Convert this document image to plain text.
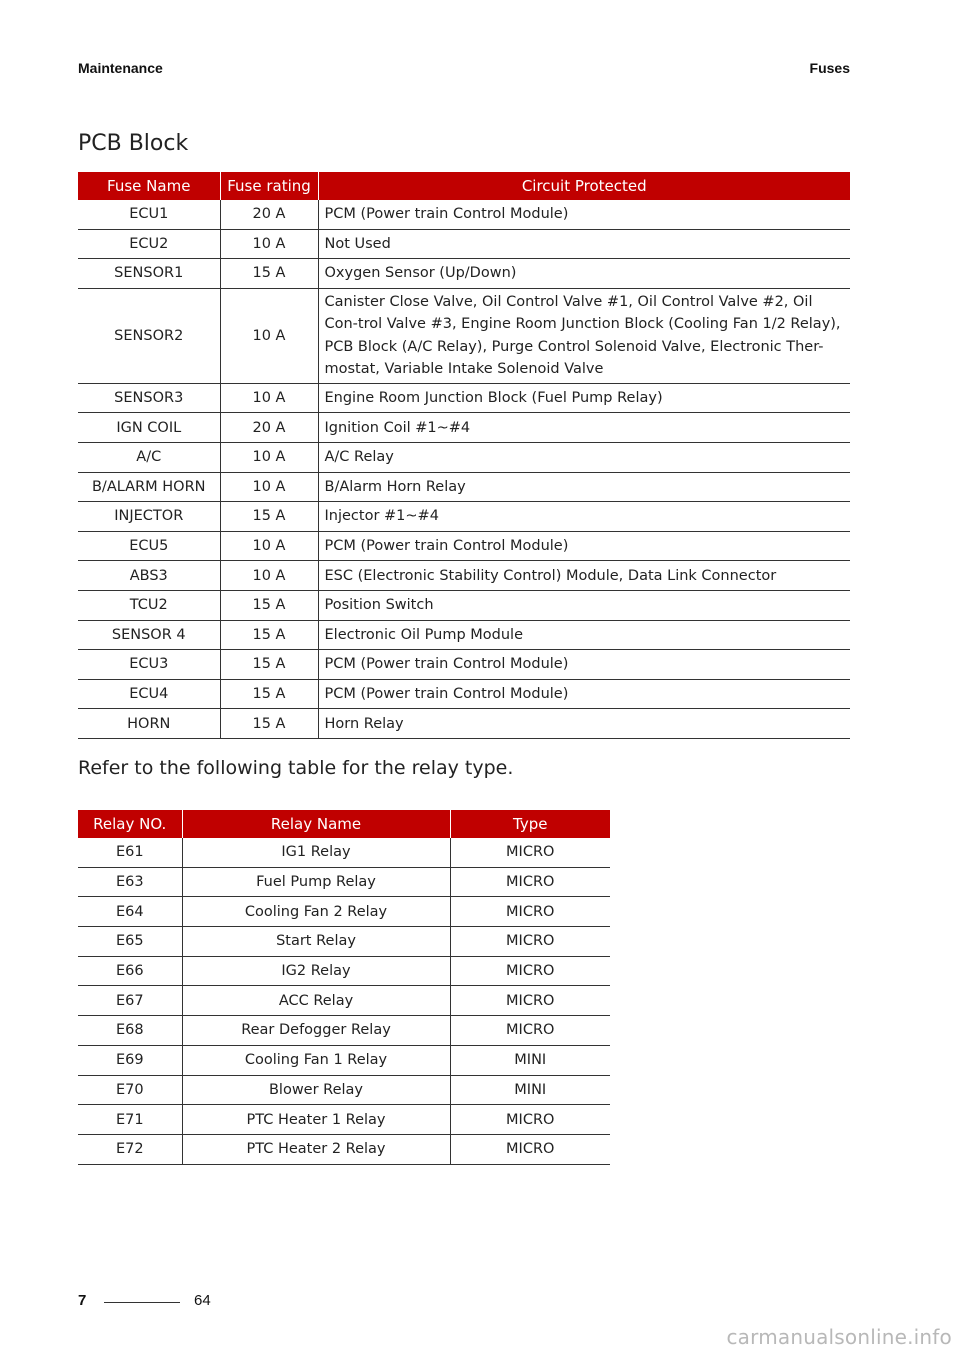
Maintenance	Fuses
PCB Block
Fuse Name	Fuse rating	Circuit Protected
ECU1	20 A	PCM (Power train Control Module)
ECU2	10 A	Not Used
SENSOR1	15 A	Oxygen Sensor (Up/Down)
SENSOR2	10 A	Canister Close Valve, Oil Control Valve #1, Oil Control Valve #2, Oil Con-trol Valve #3, Engine Room Junction Block (Cooling Fan 1/2 Relay), PCB Block (A/C Relay), Purge Control Solenoid Valve, Electronic Ther-mostat, Variable Intake Solenoid Valve
SENSOR3	10 A	Engine Room Junction Block (Fuel Pump Relay)
IGN COIL	20 A	Ignition Coil #1~#4
A/C	10 A	A/C Relay
B/ALARM HORN	10 A	B/Alarm Horn Relay
INJECTOR	15 A	Injector #1~#4
ECU5	10 A	PCM (Power train Control Module)
ABS3	10 A	ESC (Electronic Stability Control) Module, Data Link Connector
TCU2	15 A	Position Switch
SENSOR 4	15 A	Electronic Oil Pump Module
ECU3	15 A	PCM (Power train Control Module)
ECU4	15 A	PCM (Power train Control Module)
HORN	15 A	Horn Relay

Refer to the following table for the relay type.

Relay NO.	Relay Name	Type
E61	IG1 Relay	MICRO
E63	Fuel Pump Relay	MICRO
E64	Cooling Fan 2 Relay	MICRO
E65	Start Relay	MICRO
E66	IG2 Relay	MICRO
E67	ACC Relay	MICRO
E68	Rear Defogger Relay	MICRO
E69	Cooling Fan 1 Relay	MINI
E70	Blower Relay	MINI
E71	PTC Heater 1 Relay	MICRO
E72	PTC Heater 2 Relay	MICRO
7	64
carmanualsonline.info
